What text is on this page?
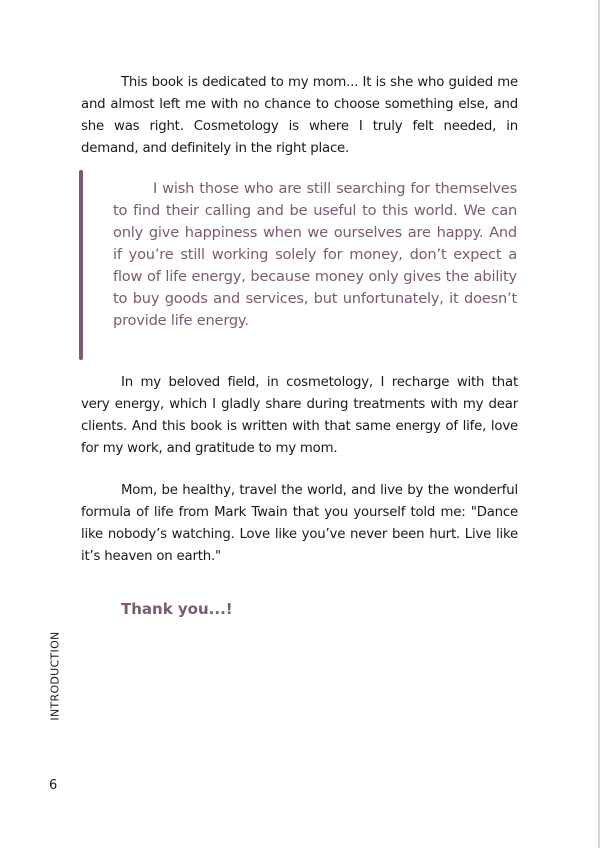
This book is dedicated to my mom... It is she who guided me and almost left me with no chance to choose something else, and she was right. Cosmetology is where I truly felt needed, in demand, and definitely in the right place.

I wish those who are still searching for themselves to find their calling and be useful to this world. We can only give happiness when we ourselves are happy. And if you’re still working solely for money, don’t expect a flow of life energy, because money only gives the ability to buy goods and services, but unfortunately, it doesn’t provide life energy.

In my beloved field, in cosmetology, I recharge with that very energy, which I gladly share during treatments with my dear clients. And this book is written with that same energy of life, love for my work, and gratitude to my mom.

Mom, be healthy, travel the world, and live by the wonderful formula of life from Mark Twain that you yourself told me: "Dance like nobody’s watching. Love like you’ve never been hurt. Live like it’s heaven on earth."

Thank you...!

INTRODUCTION
6
